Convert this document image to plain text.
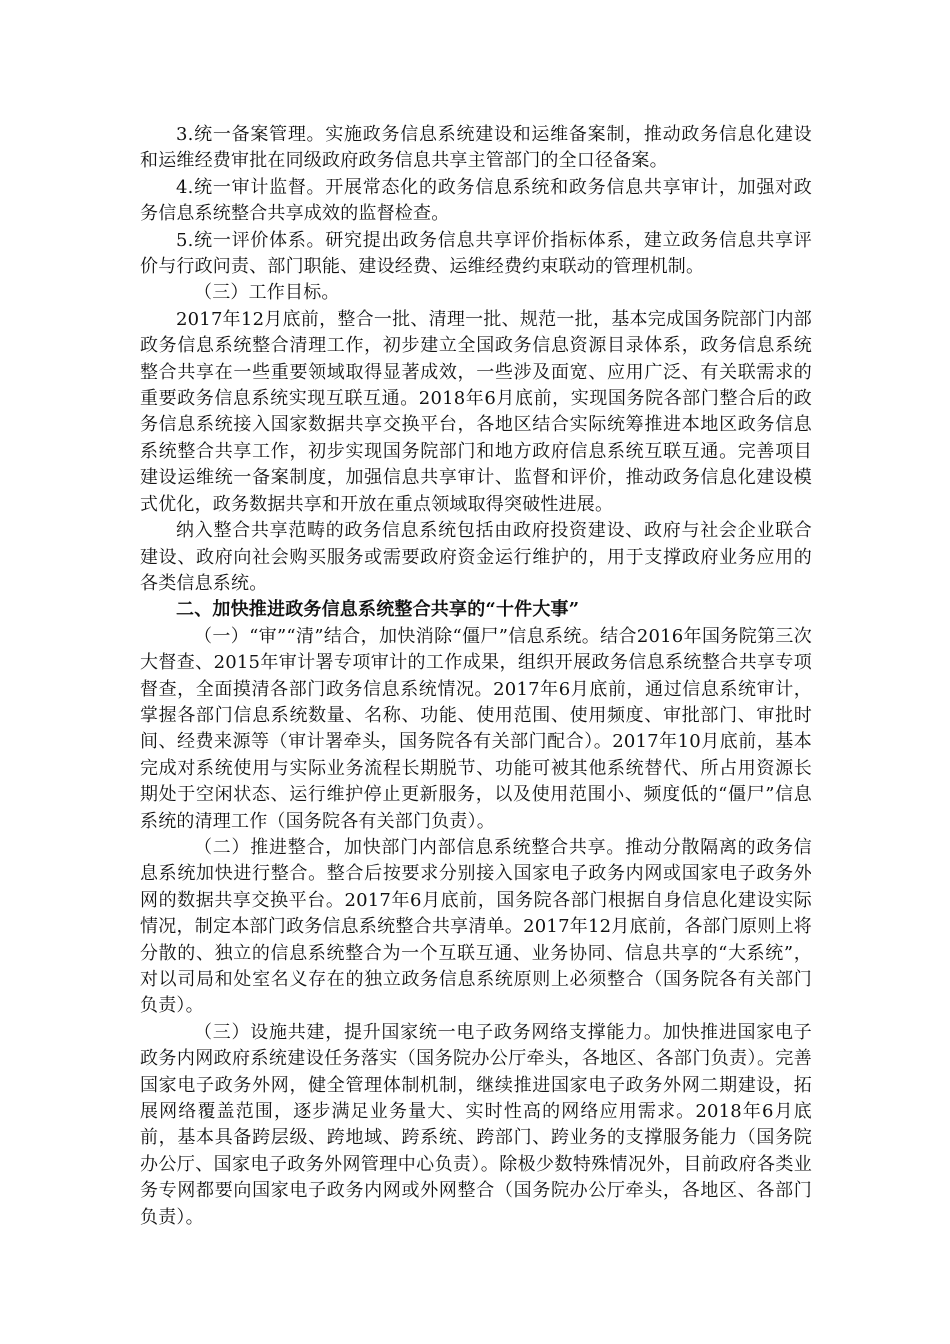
3.统一备案管理。实施政务信息系统建设和运维备案制，推动政务信息化建设和运维经费审批在同级政府政务信息共享主管部门的全口径备案。

4.统一审计监督。开展常态化的政务信息系统和政务信息共享审计，加强对政务信息系统整合共享成效的监督检查。

5.统一评价体系。研究提出政务信息共享评价指标体系，建立政务信息共享评价与行政问责、部门职能、建设经费、运维经费约束联动的管理机制。

（三）工作目标。

2017年12月底前，整合一批、清理一批、规范一批，基本完成国务院部门内部政务信息系统整合清理工作，初步建立全国政务信息资源目录体系，政务信息系统整合共享在一些重要领域取得显著成效，一些涉及面宽、应用广泛、有关联需求的重要政务信息系统实现互联互通。2018年6月底前，实现国务院各部门整合后的政务信息系统接入国家数据共享交换平台，各地区结合实际统筹推进本地区政务信息系统整合共享工作，初步实现国务院部门和地方政府信息系统互联互通。完善项目建设运维统一备案制度，加强信息共享审计、监督和评价，推动政务信息化建设模式优化，政务数据共享和开放在重点领域取得突破性进展。

纳入整合共享范畴的政务信息系统包括由政府投资建设、政府与社会企业联合建设、政府向社会购买服务或需要政府资金运行维护的，用于支撑政府业务应用的各类信息系统。

二、加快推进政务信息系统整合共享的“十件大事”

（一）“审”“清”结合，加快消除“僵尸”信息系统。结合2016年国务院第三次大督查、2015年审计署专项审计的工作成果，组织开展政务信息系统整合共享专项督查，全面摸清各部门政务信息系统情况。2017年6月底前，通过信息系统审计，掌握各部门信息系统数量、名称、功能、使用范围、使用频度、审批部门、审批时间、经费来源等（审计署牵头，国务院各有关部门配合）。2017年10月底前，基本完成对系统使用与实际业务流程长期脱节、功能可被其他系统替代、所占用资源长期处于空闲状态、运行维护停止更新服务，以及使用范围小、频度低的“僵尸”信息系统的清理工作（国务院各有关部门负责）。

（二）推进整合，加快部门内部信息系统整合共享。推动分散隔离的政务信息系统加快进行整合。整合后按要求分别接入国家电子政务内网或国家电子政务外网的数据共享交换平台。2017年6月底前，国务院各部门根据自身信息化建设实际情况，制定本部门政务信息系统整合共享清单。2017年12月底前，各部门原则上将分散的、独立的信息系统整合为一个互联互通、业务协同、信息共享的“大系统”，对以司局和处室名义存在的独立政务信息系统原则上必须整合（国务院各有关部门负责）。

（三）设施共建，提升国家统一电子政务网络支撑能力。加快推进国家电子政务内网政府系统建设任务落实（国务院办公厅牵头，各地区、各部门负责）。完善国家电子政务外网，健全管理体制机制，继续推进国家电子政务外网二期建设，拓展网络覆盖范围，逐步满足业务量大、实时性高的网络应用需求。2018年6月底前，基本具备跨层级、跨地域、跨系统、跨部门、跨业务的支撑服务能力（国务院办公厅、国家电子政务外网管理中心负责）。除极少数特殊情况外，目前政府各类业务专网都要向国家电子政务内网或外网整合（国务院办公厅牵头，各地区、各部门负责）。
